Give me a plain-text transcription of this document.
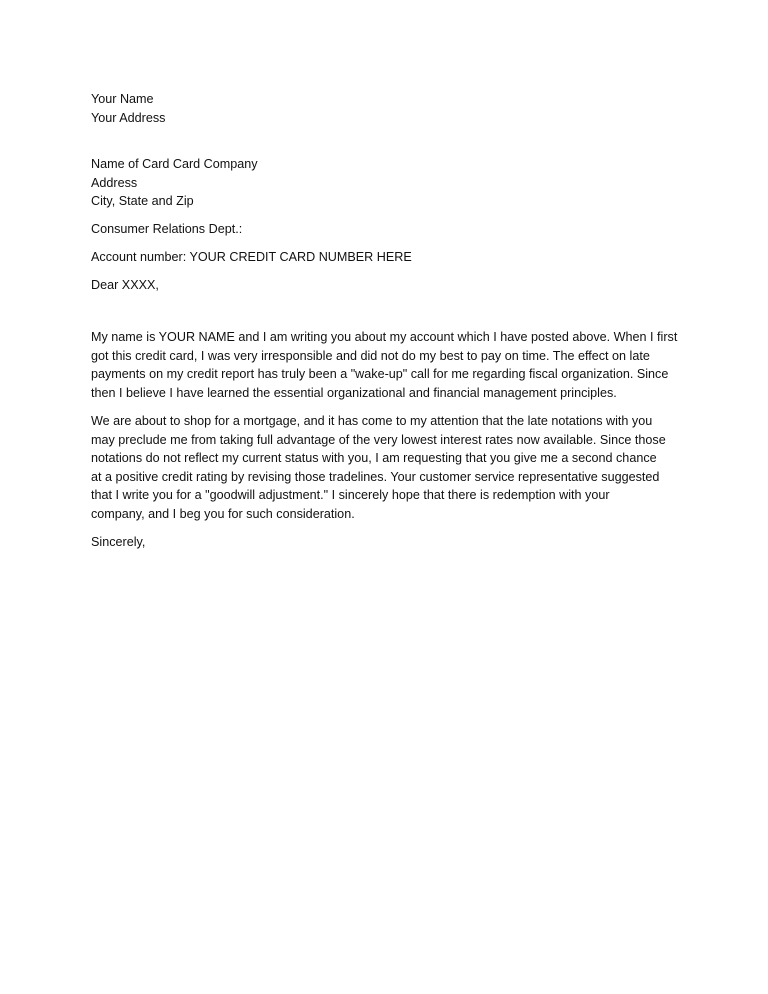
Your Name
Your Address
Name of Card Card Company
Address
City, State and Zip
Consumer Relations Dept.:
Account number: YOUR CREDIT CARD NUMBER HERE
Dear XXXX,

My name is YOUR NAME and I am writing you about my account which I have posted above. When I first
got this credit card, I was very irresponsible and did not do my best to pay on time. The effect on late
payments on my credit report has truly been a "wake-up" call for me regarding fiscal organization. Since
then I believe I have learned the essential organizational and financial management principles.

We are about to shop for a mortgage, and it has come to my attention that the late notations with you
may preclude me from taking full advantage of the very lowest interest rates now available. Since those
notations do not reflect my current status with you, I am requesting that you give me a second chance
at a positive credit rating by revising those tradelines. Your customer service representative suggested
that I write you for a "goodwill adjustment." I sincerely hope that there is redemption with your
company, and I beg you for such consideration.

Sincerely,
